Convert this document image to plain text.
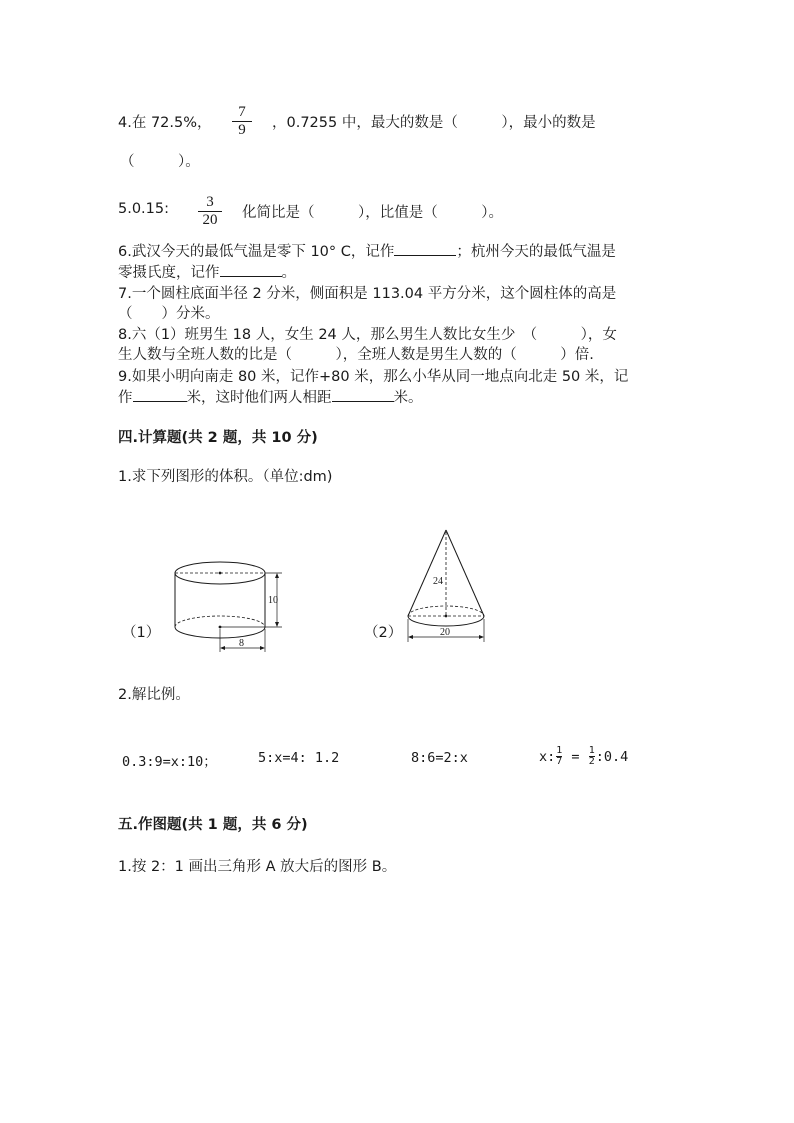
4.在 72.5%，
7
9 ，0.7255 中，最大的数是（　　　），最小的数是
（　　　）。
5.0.15: 3
20 化简比是（　　　），比值是（　　　）。
6.武汉今天的最低气温是零下 10° C，记作	；杭州今天的最低气温是
零摄氏度，记作	。
7.一个圆柱底面半径 2 分米，侧面积是 113.04 平方分米，这个圆柱体的高是
（　　）分米。
8.六（1）班男生 18 人，女生 24 人，那么男生人数比女生少　（　　　），女
生人数与全班人数的比是（　　　），全班人数是男生人数的（　　　）倍.
9.如果小明向南走 80 米，记作+80 米，那么小华从同一地点向北走 50 米，记
作	米，这时他们两人相距	米。
四.计算题(共 2 题，共 10 分)
1.求下列图形的体积。（单位:dm)
（1）
10
8
（2）
24
20
2.解比例。
0.3:9=x:10；	5:x=4: 1.2	8:6=2:x	x: 1
7 = 1
2 :0.4
五.作图题(共 1 题，共 6 分)
1.按 2：1 画出三角形 A 放大后的图形 B。
